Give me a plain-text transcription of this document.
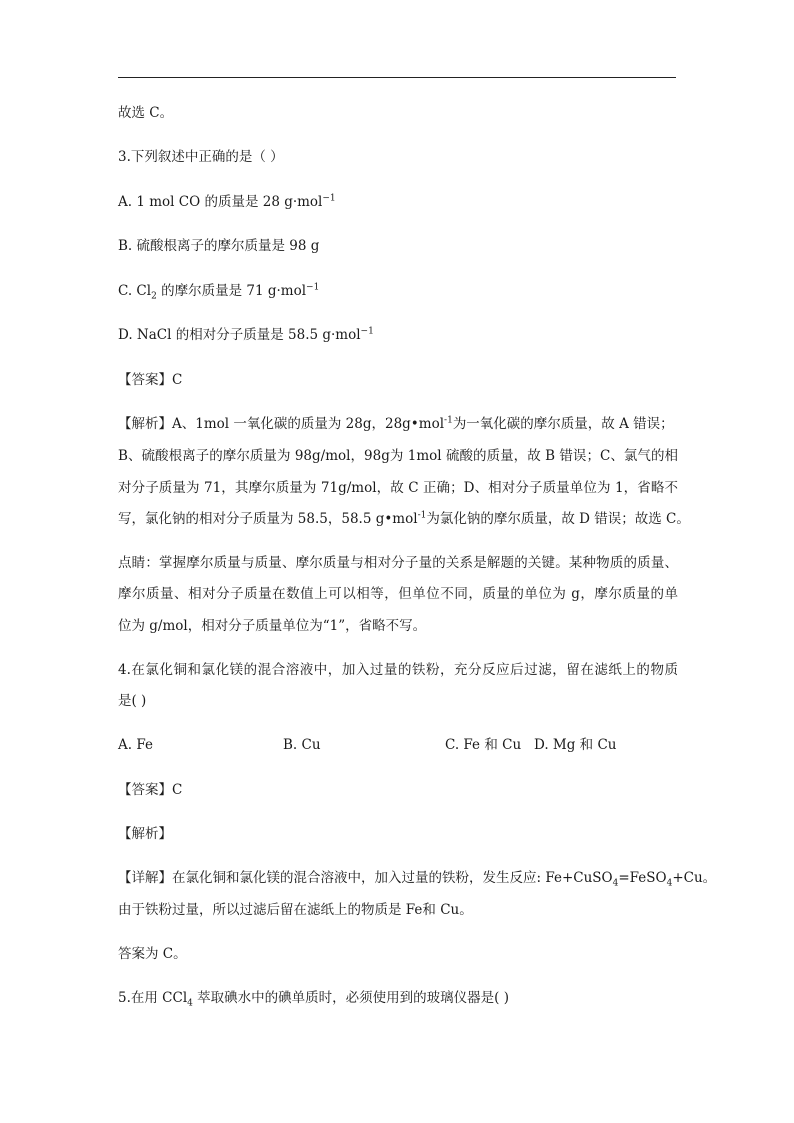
故选 C。
3.下列叙述中正确的是（ ）
A. 1 mol CO 的质量是 28 g·mol$^{-1}$
B. 硫酸根离子的摩尔质量是 98 g
C. $Cl_2$ 的摩尔质量是 71 g·mol$^{-1}$
D. NaCl 的相对分子质量是 58.5 g·mol$^{-1}$
【答案】C
【解析】A、1mol 一氧化碳的质量为 28g，28g•mol$^{-1}$为一氧化碳的摩尔质量，故 A 错误；
B、硫酸根离子的摩尔质量为 98g/mol，98g为 1mol 硫酸的质量，故 B 错误；C、氯气的相
对分子质量为 71，其摩尔质量为 71g/mol，故 C 正确；D、相对分子质量单位为 1，省略不
写，氯化钠的相对分子质量为 58.5，58.5 g•mol$^{-1}$为氯化钠的摩尔质量，故 D 错误；故选 C。
点睛：掌握摩尔质量与质量、摩尔质量与相对分子量的关系是解题的关键。某种物质的质量、
摩尔质量、相对分子质量在数值上可以相等，但单位不同，质量的单位为 g，摩尔质量的单
位为 g/mol，相对分子质量单位为“1”，省略不写。
4.在氯化铜和氯化镁的混合溶液中，加入过量的铁粉，充分反应后过滤，留在滤纸上的物质
是( )
A. Fe	B. Cu	C. Fe 和 Cu D. Mg 和 Cu
【答案】C
【解析】
【详解】在氯化铜和氯化镁的混合溶液中，加入过量的铁粉，发生反应: Fe+CuSO$_4$=FeSO$_4$+Cu。
由于铁粉过量，所以过滤后留在滤纸上的物质是 Fe和 Cu。
答案为 C。
5.在用 CCl$_4$ 萃取碘水中的碘单质时，必须使用到的玻璃仪器是( )
